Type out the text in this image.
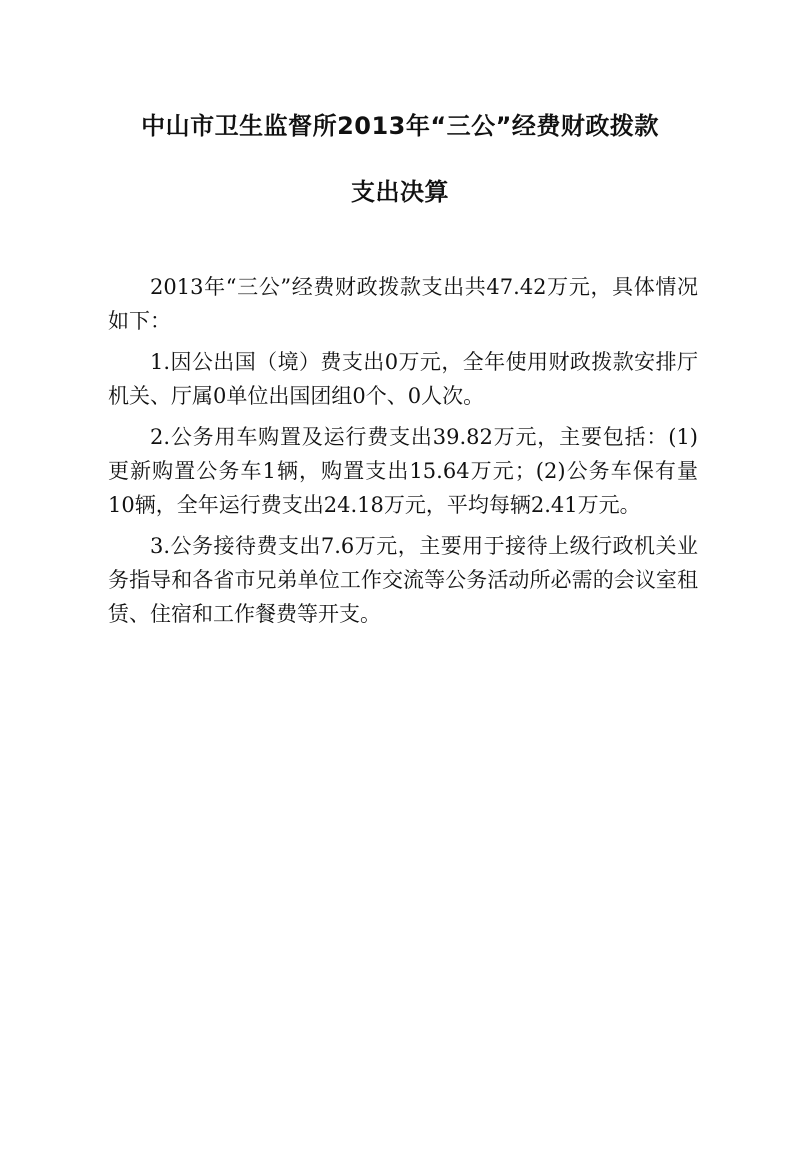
中山市卫生监督所2013年“三公”经费财政拨款
支出决算

2013年“三公”经费财政拨款支出共47.42万元，具体情况如下：

1.因公出国（境）费支出0万元，全年使用财政拨款安排厅机关、厅属0单位出国团组0个、0人次。

2.公务用车购置及运行费支出39.82万元，主要包括：(1)更新购置公务车1辆，购置支出15.64万元；(2)公务车保有量10辆，全年运行费支出24.18万元，平均每辆2.41万元。

3.公务接待费支出7.6万元，主要用于接待上级行政机关业务指导和各省市兄弟单位工作交流等公务活动所必需的会议室租赁、住宿和工作餐费等开支。
